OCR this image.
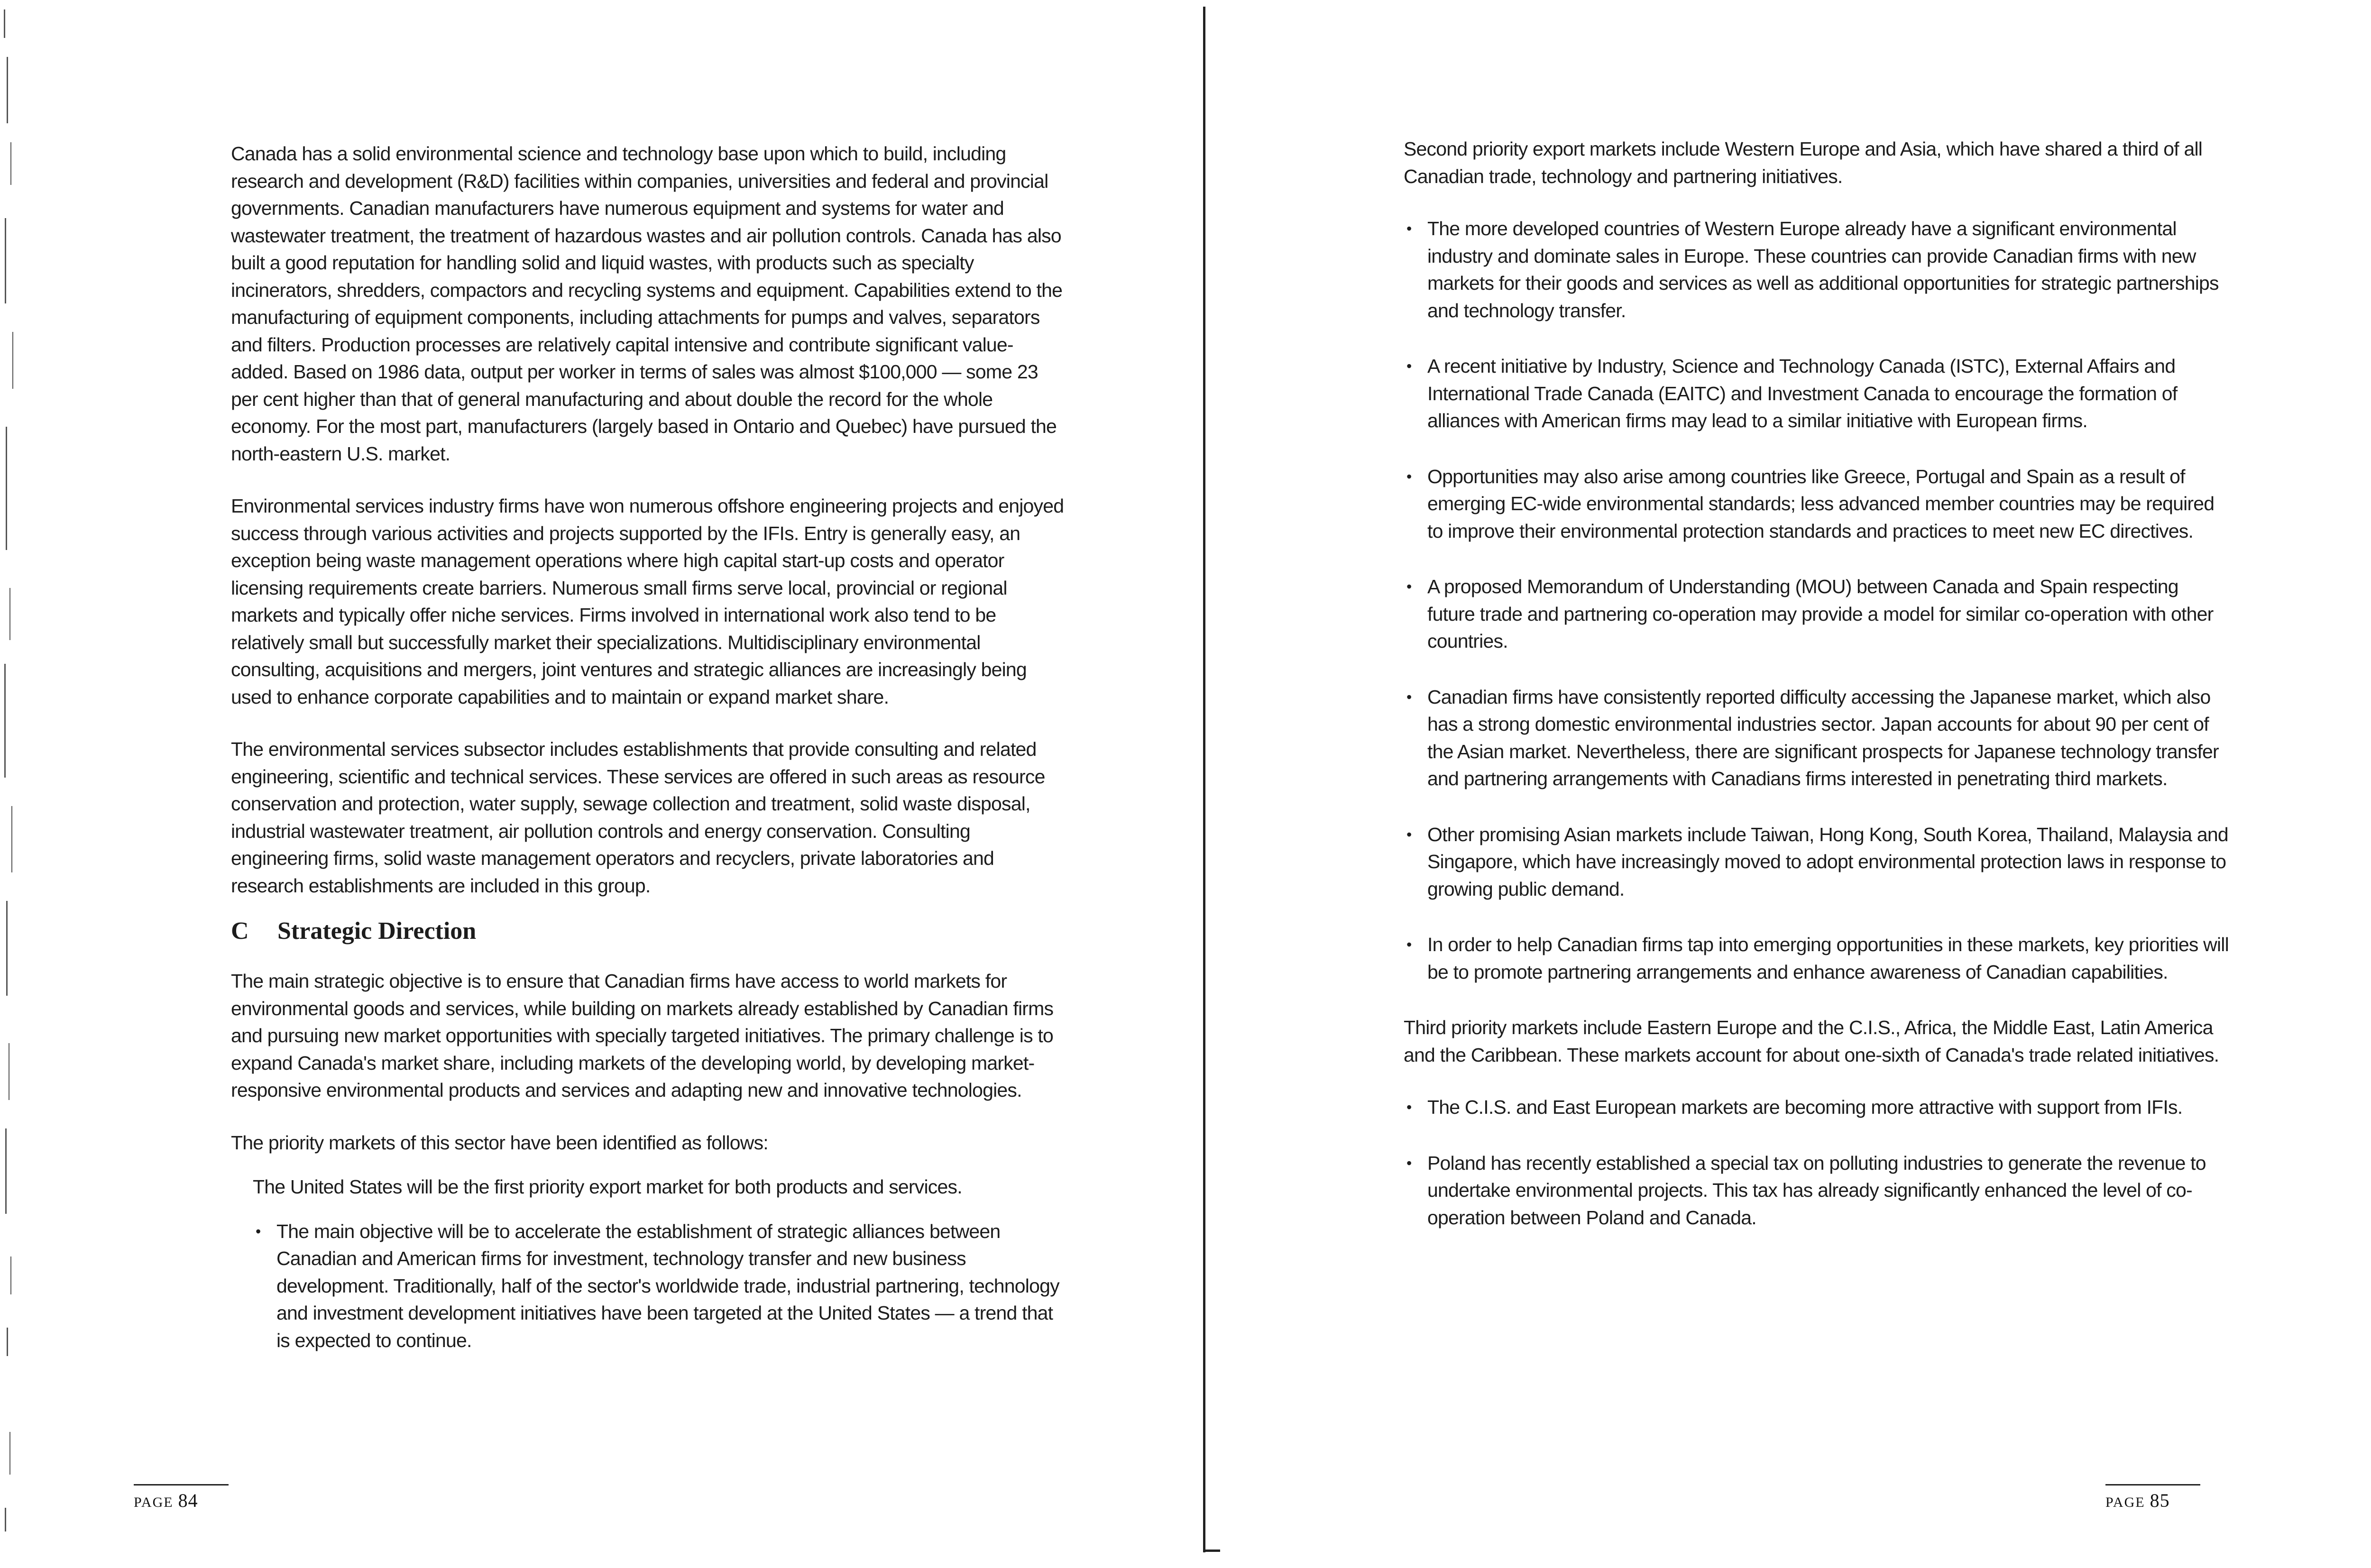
Canada has a solid environmental science and technology base upon which to build, including research and development (R&D) facilities within companies, universities and federal and provincial governments. Canadian manufacturers have numerous equipment and systems for water and wastewater treatment, the treatment of hazardous wastes and air pollution controls. Canada has also built a good reputation for handling solid and liquid wastes, with products such as specialty incinerators, shredders, compactors and recycling systems and equipment. Capabilities extend to the manufacturing of equipment components, including attachments for pumps and valves, separators and filters. Production processes are relatively capital intensive and contribute significant value-added. Based on 1986 data, output per worker in terms of sales was almost $100,000 — some 23 per cent higher than that of general manufacturing and about double the record for the whole economy. For the most part, manufacturers (largely based in Ontario and Quebec) have pursued the north-eastern U.S. market.

Environmental services industry firms have won numerous offshore engineering projects and enjoyed success through various activities and projects supported by the IFIs. Entry is generally easy, an exception being waste management operations where high capital start-up costs and operator licensing requirements create barriers. Numerous small firms serve local, provincial or regional markets and typically offer niche services. Firms involved in international work also tend to be relatively small but successfully market their specializations. Multidisciplinary environmental consulting, acquisitions and mergers, joint ventures and strategic alliances are increasingly being used to enhance corporate capabilities and to maintain or expand market share.

The environmental services subsector includes establishments that provide consulting and related engineering, scientific and technical services. These services are offered in such areas as resource conservation and protection, water supply, sewage collection and treatment, solid waste disposal, industrial wastewater treatment, air pollution controls and energy conservation. Consulting engineering firms, solid waste management operators and recyclers, private laboratories and research establishments are included in this group.

C Strategic Direction

The main strategic objective is to ensure that Canadian firms have access to world markets for environmental goods and services, while building on markets already established by Canadian firms and pursuing new market opportunities with specially targeted initiatives. The primary challenge is to expand Canada's market share, including markets of the developing world, by developing market-responsive environmental products and services and adapting new and innovative technologies.

The priority markets of this sector have been identified as follows:

The United States will be the first priority export market for both products and services.

• The main objective will be to accelerate the establishment of strategic alliances between Canadian and American firms for investment, technology transfer and new business development. Traditionally, half of the sector's worldwide trade, industrial partnering, technology and investment development initiatives have been targeted at the United States — a trend that is expected to continue.
PAGE 84

Second priority export markets include Western Europe and Asia, which have shared a third of all Canadian trade, technology and partnering initiatives.

• The more developed countries of Western Europe already have a significant environmental industry and dominate sales in Europe. These countries can provide Canadian firms with new markets for their goods and services as well as additional opportunities for strategic partnerships and technology transfer.
• A recent initiative by Industry, Science and Technology Canada (ISTC), External Affairs and International Trade Canada (EAITC) and Investment Canada to encourage the formation of alliances with American firms may lead to a similar initiative with European firms.
• Opportunities may also arise among countries like Greece, Portugal and Spain as a result of emerging EC-wide environmental standards; less advanced member countries may be required to improve their environmental protection standards and practices to meet new EC directives.
• A proposed Memorandum of Understanding (MOU) between Canada and Spain respecting future trade and partnering co-operation may provide a model for similar co-operation with other countries.
• Canadian firms have consistently reported difficulty accessing the Japanese market, which also has a strong domestic environmental industries sector. Japan accounts for about 90 per cent of the Asian market. Nevertheless, there are significant prospects for Japanese technology transfer and partnering arrangements with Canadians firms interested in penetrating third markets.
• Other promising Asian markets include Taiwan, Hong Kong, South Korea, Thailand, Malaysia and Singapore, which have increasingly moved to adopt environmental protection laws in response to growing public demand.
• In order to help Canadian firms tap into emerging opportunities in these markets, key priorities will be to promote partnering arrangements and enhance awareness of Canadian capabilities.

Third priority markets include Eastern Europe and the C.I.S., Africa, the Middle East, Latin America and the Caribbean. These markets account for about one-sixth of Canada's trade related initiatives.

• The C.I.S. and East European markets are becoming more attractive with support from IFIs.
• Poland has recently established a special tax on polluting industries to generate the revenue to undertake environmental projects. This tax has already significantly enhanced the level of co-operation between Poland and Canada.
PAGE 85
